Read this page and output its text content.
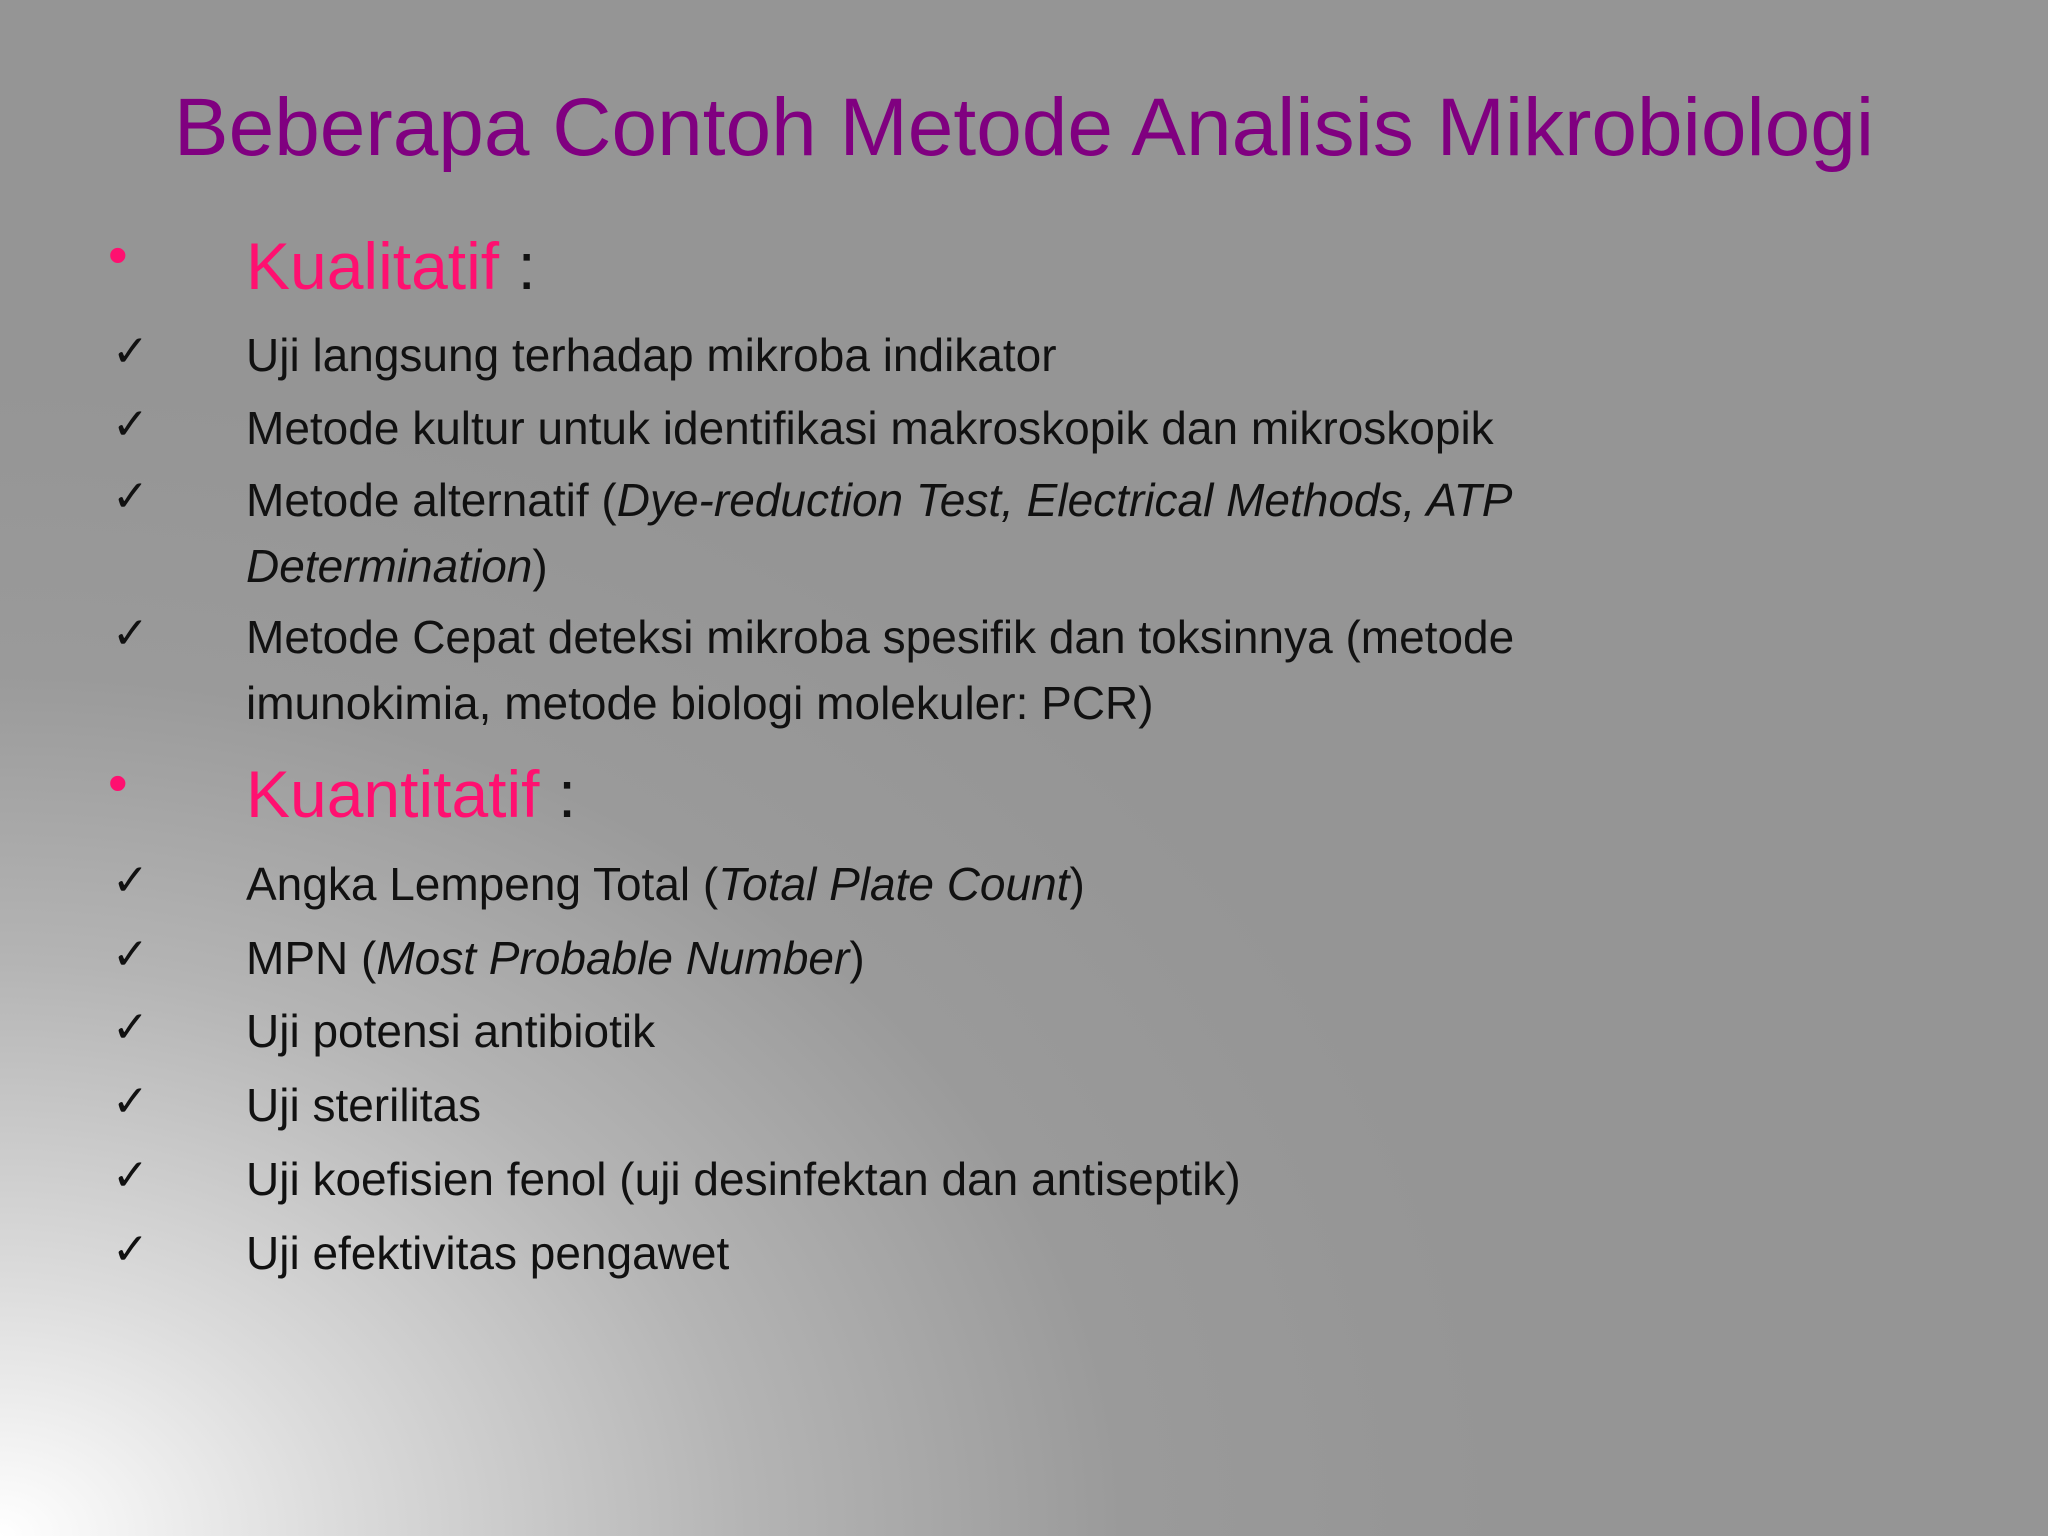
Beberapa Contoh Metode Analisis Mikrobiologi
• Kualitatif :
✓ Uji langsung terhadap mikroba indikator
✓ Metode kultur untuk identifikasi makroskopik dan mikroskopik
✓ Metode alternatif (Dye-reduction Test, Electrical Methods, ATP
Determination)
✓ Metode Cepat deteksi mikroba spesifik dan toksinnya (metode
imunokimia, metode biologi molekuler: PCR)
• Kuantitatif :
✓ Angka Lempeng Total (Total Plate Count)
✓ MPN (Most Probable Number)
✓ Uji potensi antibiotik
✓ Uji sterilitas
✓ Uji koefisien fenol (uji desinfektan dan antiseptik)
✓ Uji efektivitas pengawet
